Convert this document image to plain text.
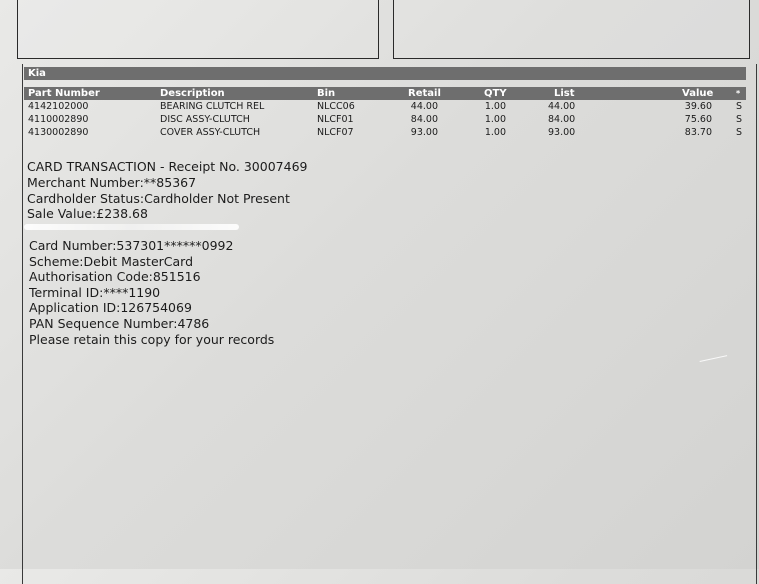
Kia
Part Number	Description	Bin	Retail	QTY	List	Value	*
4142102000	BEARING CLUTCH REL	NLCC06	44.00	1.00	44.00	39.60	S
4110002890	DISC ASSY-CLUTCH	NLCF01	84.00	1.00	84.00	75.60	S
4130002890	COVER ASSY-CLUTCH	NLCF07	93.00	1.00	93.00	83.70	S
CARD TRANSACTION - Receipt No. 30007469
Merchant Number:**85367
Cardholder Status:Cardholder Not Present
Sale Value:£238.68
Card Number:537301******0992
Scheme:Debit MasterCard
Authorisation Code:851516
Terminal ID:****1190
Application ID:126754069
PAN Sequence Number:4786
Please retain this copy for your records
